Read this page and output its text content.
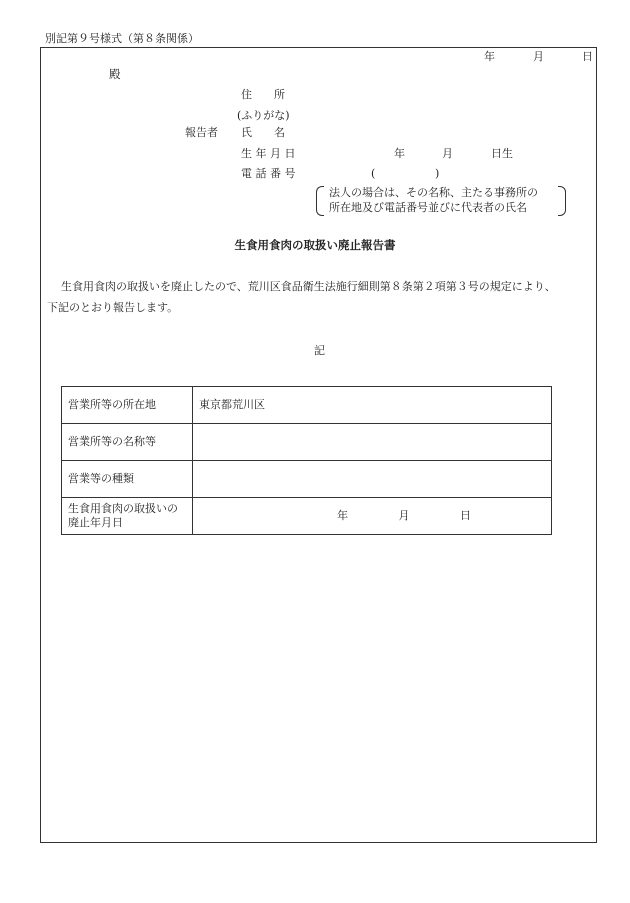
別記第９号様式（第８条関係）
年	月	日
殿
住　　所
(ふりがな)
報告者 氏　　名
生 年 月 日	年	月	日生
電 話 番 号	(	)
法人の場合は、その名称、主たる事務所の
所在地及び電話番号並びに代表者の氏名
生食用食肉の取扱い廃止報告書
生食用食肉の取扱いを廃止したので、荒川区食品衛生法施行細則第８条第２項第３号の規定により、
下記のとおり報告します。
記
営業所等の所在地	東京都荒川区
営業所等の名称等	
営業等の種類	

生食用食肉の取扱いの
廃止年月日	年 月 日
